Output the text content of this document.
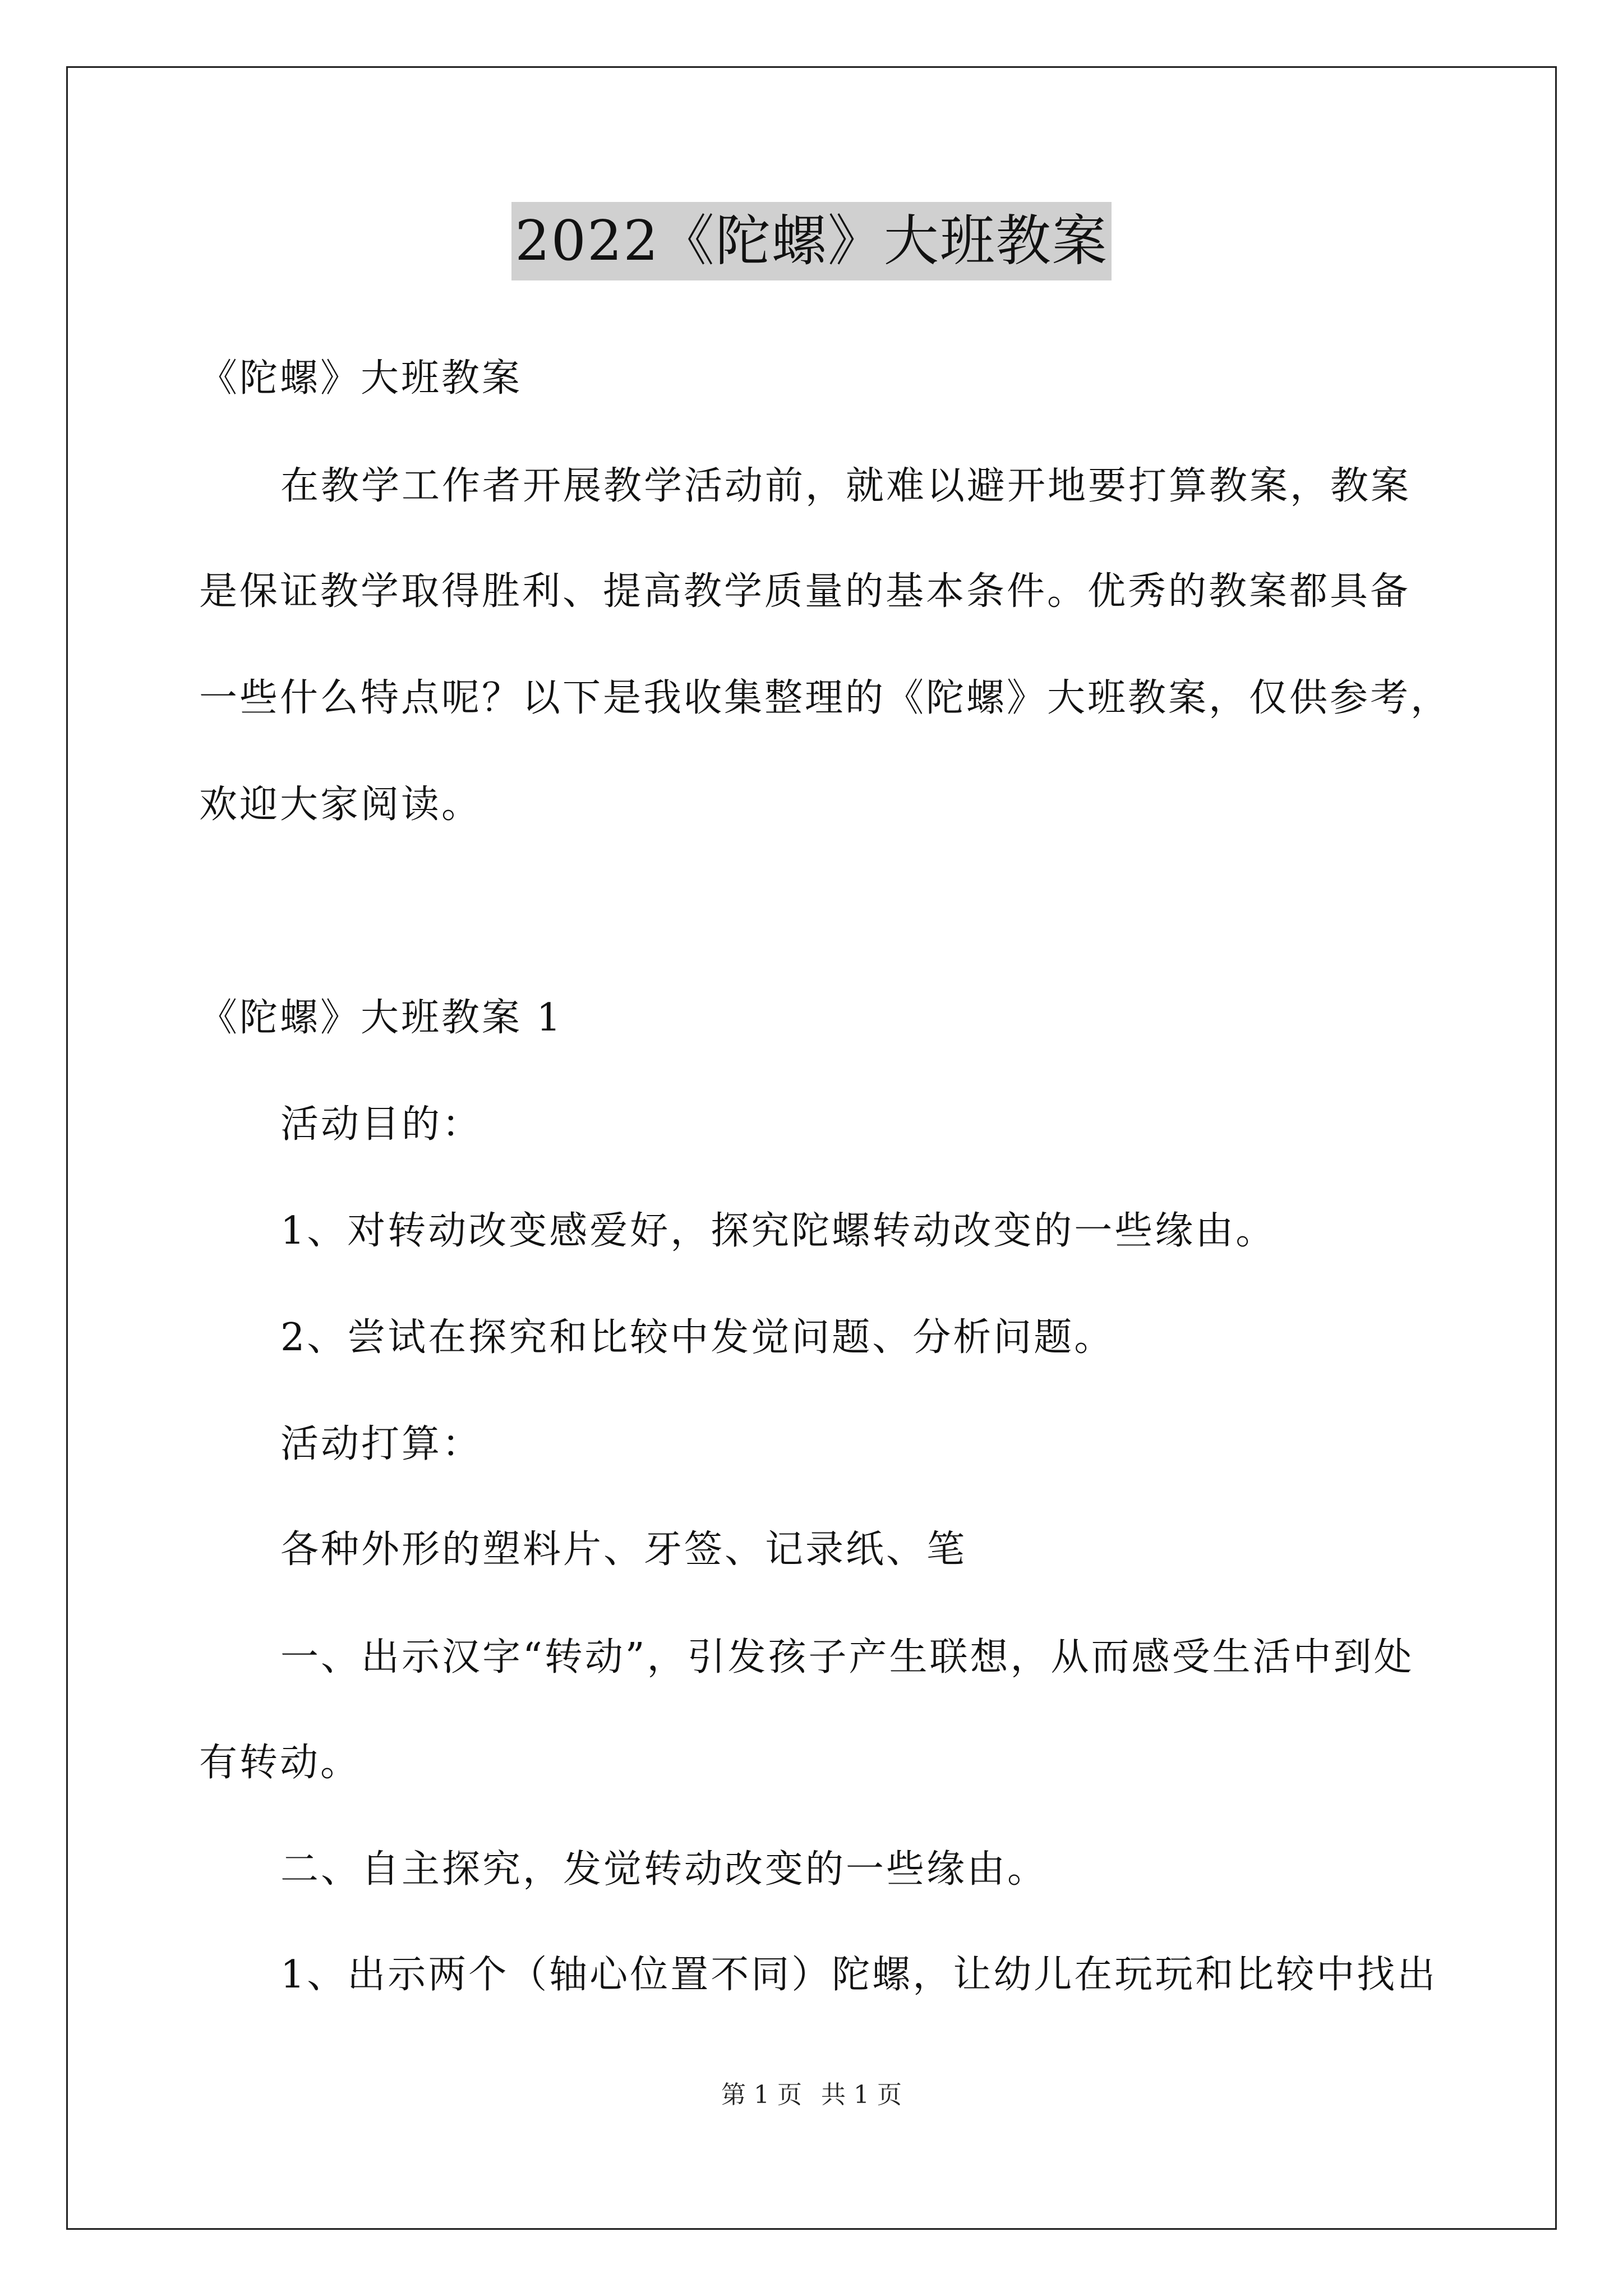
2022《陀螺》大班教案
《陀螺》大班教案
在教学工作者开展教学活动前，就难以避开地要打算教案，教案
是保证教学取得胜利、提高教学质量的基本条件。优秀的教案都具备
一些什么特点呢？以下是我收集整理的《陀螺》大班教案，仅供参考，
欢迎大家阅读。
《陀螺》大班教案 1
活动目的：
1、对转动改变感爱好，探究陀螺转动改变的一些缘由。
2、尝试在探究和比较中发觉问题、分析问题。
活动打算：
各种外形的塑料片、牙签、记录纸、笔
一、出示汉字“转动”，引发孩子产生联想，从而感受生活中到处
有转动。
二、自主探究，发觉转动改变的一些缘由。
1、出示两个（轴心位置不同）陀螺，让幼儿在玩玩和比较中找出
第 1 页 共 1 页
